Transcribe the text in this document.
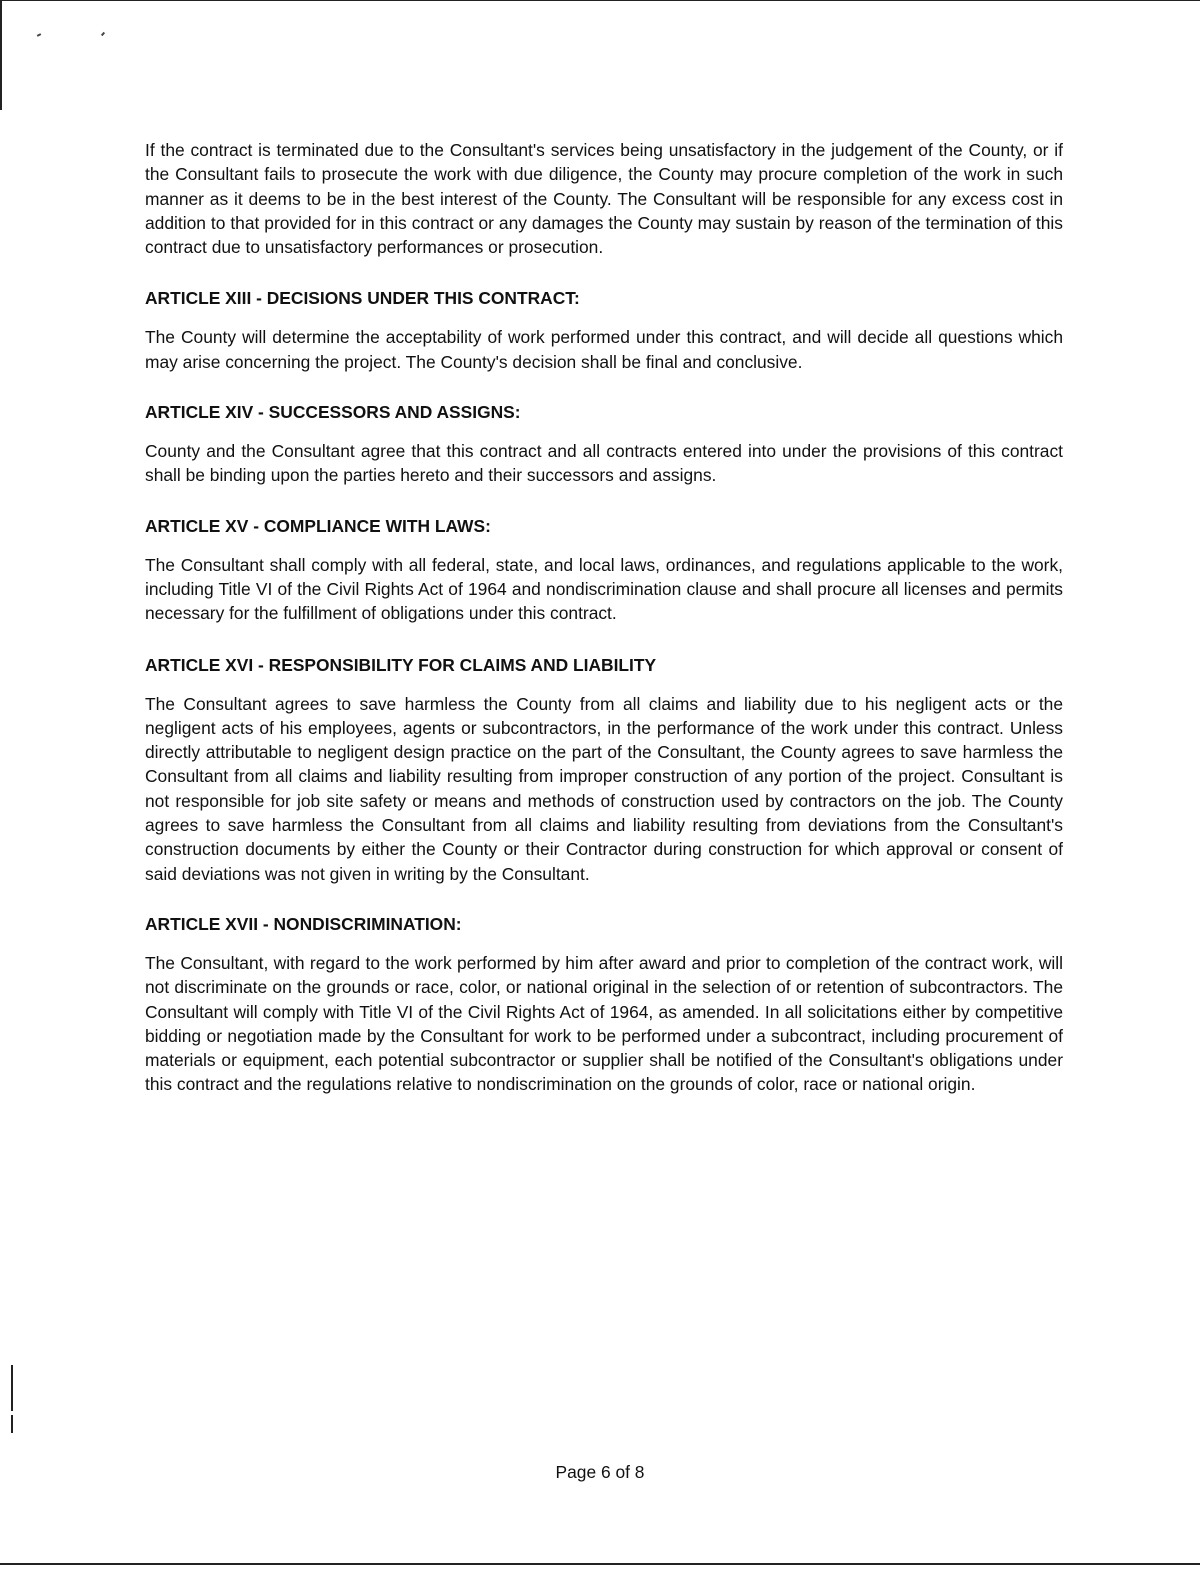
If the contract is terminated due to the Consultant's services being unsatisfactory in the judgement of the County, or if the Consultant fails to prosecute the work with due diligence, the County may procure completion of the work in such manner as it deems to be in the best interest of the County. The Consultant will be responsible for any excess cost in addition to that provided for in this contract or any damages the County may sustain by reason of the termination of this contract due to unsatisfactory performances or prosecution.

ARTICLE XIII - DECISIONS UNDER THIS CONTRACT:

The County will determine the acceptability of work performed under this contract, and will decide all questions which may arise concerning the project. The County's decision shall be final and conclusive.

ARTICLE XIV - SUCCESSORS AND ASSIGNS:

County and the Consultant agree that this contract and all contracts entered into under the provisions of this contract shall be binding upon the parties hereto and their successors and assigns.

ARTICLE XV - COMPLIANCE WITH LAWS:

The Consultant shall comply with all federal, state, and local laws, ordinances, and regulations applicable to the work, including Title VI of the Civil Rights Act of 1964 and nondiscrimination clause and shall procure all licenses and permits necessary for the fulfillment of obligations under this contract.

ARTICLE XVI - RESPONSIBILITY FOR CLAIMS AND LIABILITY

The Consultant agrees to save harmless the County from all claims and liability due to his negligent acts or the negligent acts of his employees, agents or subcontractors, in the performance of the work under this contract. Unless directly attributable to negligent design practice on the part of the Consultant, the County agrees to save harmless the Consultant from all claims and liability resulting from improper construction of any portion of the project. Consultant is not responsible for job site safety or means and methods of construction used by contractors on the job. The County agrees to save harmless the Consultant from all claims and liability resulting from deviations from the Consultant's construction documents by either the County or their Contractor during construction for which approval or consent of said deviations was not given in writing by the Consultant.

ARTICLE XVII - NONDISCRIMINATION:

The Consultant, with regard to the work performed by him after award and prior to completion of the contract work, will not discriminate on the grounds or race, color, or national original in the selection of or retention of subcontractors. The Consultant will comply with Title VI of the Civil Rights Act of 1964, as amended. In all solicitations either by competitive bidding or negotiation made by the Consultant for work to be performed under a subcontract, including procurement of materials or equipment, each potential subcontractor or supplier shall be notified of the Consultant's obligations under this contract and the regulations relative to nondiscrimination on the grounds of color, race or national origin.

Page 6 of 8
